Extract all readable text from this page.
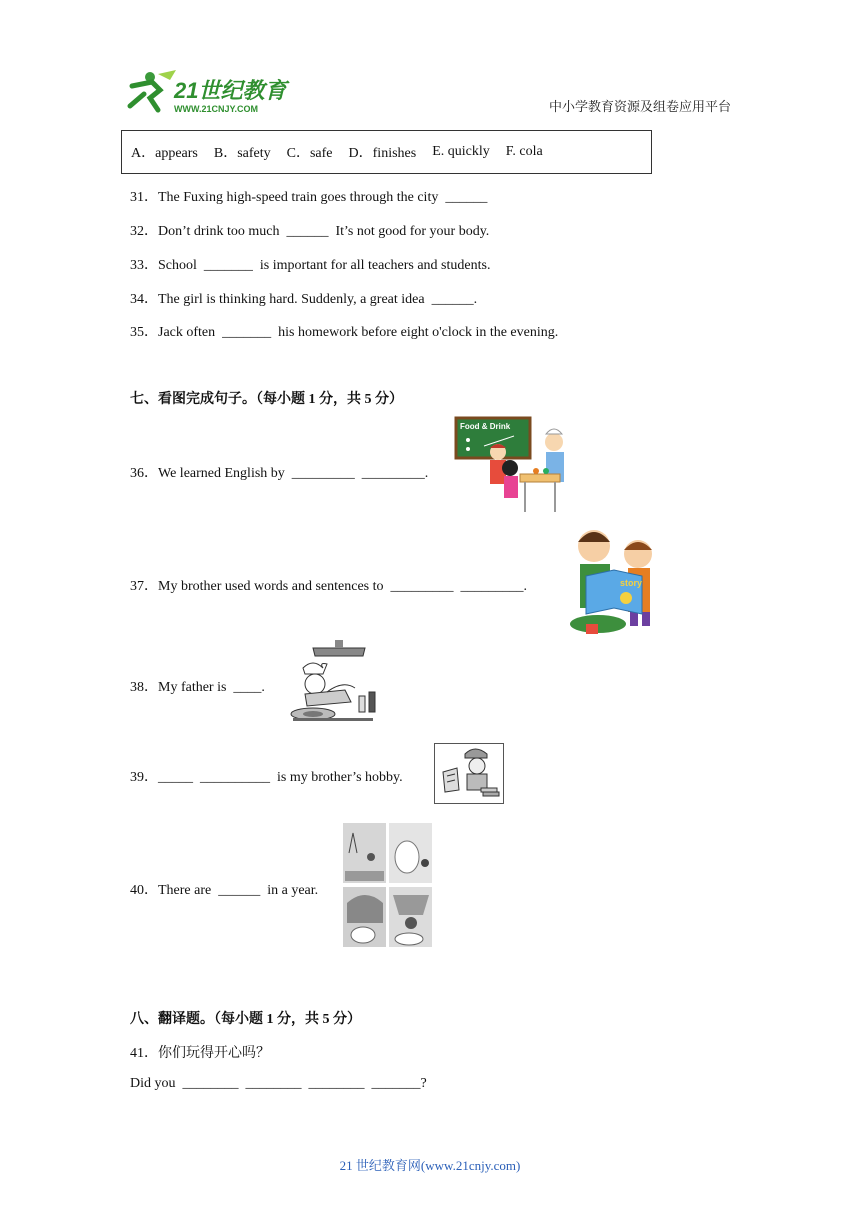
21世纪教育
WWW.21CNJY.COM	中小学教育资源及组卷应用平台
A．appears B．safety C．safe D．finishes E. quickly F. cola
31．The Fuxing high-speed train goes through the city  ______
32．Don’t drink too much  ______  It’s not good for your body.
33．School  _______  is important for all teachers and students.
34．The girl is thinking hard. Suddenly, a great idea  ______.
35．Jack often  _______  his homework before eight o'clock in the evening.
七、看图完成句子。（每小题 1 分，共 5 分）
36．We learned English by  _________  _________.
Food & Drink
37．My brother used words and sentences to  _________  _________.	story
38．My father is  ____.
39．_____  __________  is my brother’s hobby.
40．There are  ______  in a year.
八、翻译题。（每小题 1 分，共 5 分）
41．你们玩得开心吗？
Did you  ________  ________  ________  _______?
21 世纪教育网(www.21cnjy.com)
